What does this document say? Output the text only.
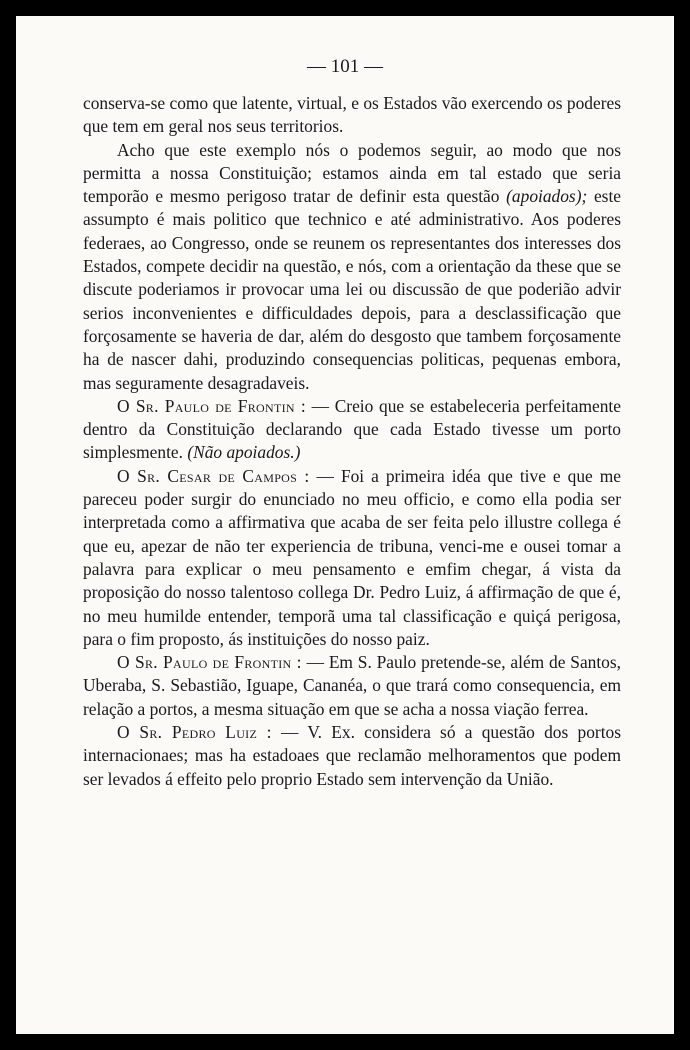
— 101 —

conserva-se como que latente, virtual, e os Estados vão exercendo os poderes que tem em geral nos seus territorios.

Acho que este exemplo nós o podemos seguir, ao modo que nos permitta a nossa Constituição; estamos ainda em tal estado que seria temporão e mesmo perigoso tratar de definir esta questão (apoiados); este assumpto é mais politico que technico e até administrativo. Aos poderes federaes, ao Congresso, onde se reunem os representantes dos interesses dos Estados, compete decidir na questão, e nós, com a orientação da these que se discute poderiamos ir provocar uma lei ou discussão de que poderião advir serios inconvenientes e difficuldades depois, para a desclassificação que forçosamente se haveria de dar, além do desgosto que tambem forçosamente ha de nascer dahi, produzindo consequencias politicas, pequenas embora, mas seguramente desagradaveis.

O Sr. Paulo de Frontin : — Creio que se estabeleceria perfeitamente dentro da Constituição declarando que cada Estado tivesse um porto simplesmente. (Não apoiados.)

O Sr. Cesar de Campos : — Foi a primeira idéa que tive e que me pareceu poder surgir do enunciado no meu officio, e como ella podia ser interpretada como a affirmativa que acaba de ser feita pelo illustre collega é que eu, apezar de não ter experiencia de tribuna, venci-me e ousei tomar a palavra para explicar o meu pensamento e emfim chegar, á vista da proposição do nosso talentoso collega Dr. Pedro Luiz, á affirmação de que é, no meu humilde entender, temporã uma tal classificação e quiçá perigosa, para o fim proposto, ás instituições do nosso paiz.

O Sr. Paulo de Frontin : — Em S. Paulo pretende-se, além de Santos, Uberaba, S. Sebastião, Iguape, Cananéa, o que trará como consequencia, em relação a portos, a mesma situação em que se acha a nossa viação ferrea.

O Sr. Pedro Luiz : — V. Ex. considera só a questão dos portos internacionaes; mas ha estadoaes que reclamão melhoramentos que podem ser levados á effeito pelo proprio Estado sem intervenção da União.
